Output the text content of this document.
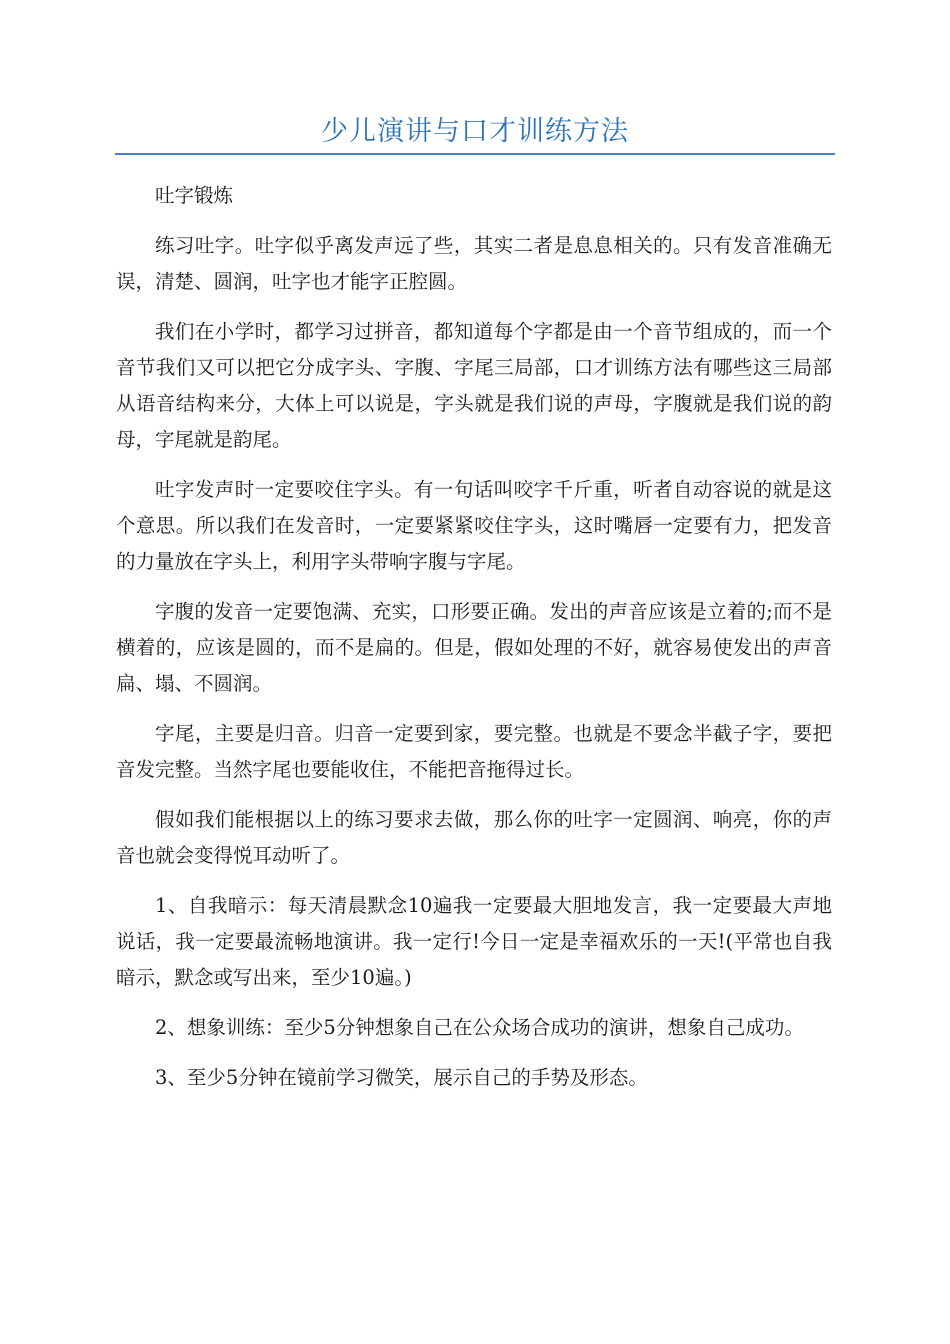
少儿演讲与口才训练方法

吐字锻炼

练习吐字。吐字似乎离发声远了些，其实二者是息息相关的。只有发音准确无误，清楚、圆润，吐字也才能字正腔圆。

我们在小学时，都学习过拼音，都知道每个字都是由一个音节组成的，而一个音节我们又可以把它分成字头、字腹、字尾三局部，口才训练方法有哪些这三局部从语音结构来分，大体上可以说是，字头就是我们说的声母，字腹就是我们说的韵母，字尾就是韵尾。

吐字发声时一定要咬住字头。有一句话叫咬字千斤重，听者自动容说的就是这个意思。所以我们在发音时，一定要紧紧咬住字头，这时嘴唇一定要有力，把发音的力量放在字头上，利用字头带响字腹与字尾。

字腹的发音一定要饱满、充实，口形要正确。发出的声音应该是立着的;而不是横着的，应该是圆的，而不是扁的。但是，假如处理的不好，就容易使发出的声音扁、塌、不圆润。

字尾，主要是归音。归音一定要到家，要完整。也就是不要念半截子字，要把音发完整。当然字尾也要能收住，不能把音拖得过长。

假如我们能根据以上的练习要求去做，那么你的吐字一定圆润、响亮，你的声音也就会变得悦耳动听了。

1、自我暗示：每天清晨默念10遍我一定要最大胆地发言，我一定要最大声地说话，我一定要最流畅地演讲。我一定行!今日一定是幸福欢乐的一天!(平常也自我暗示，默念或写出来，至少10遍。)

2、想象训练：至少5分钟想象自己在公众场合成功的演讲，想象自己成功。

3、至少5分钟在镜前学习微笑，展示自己的手势及形态。
